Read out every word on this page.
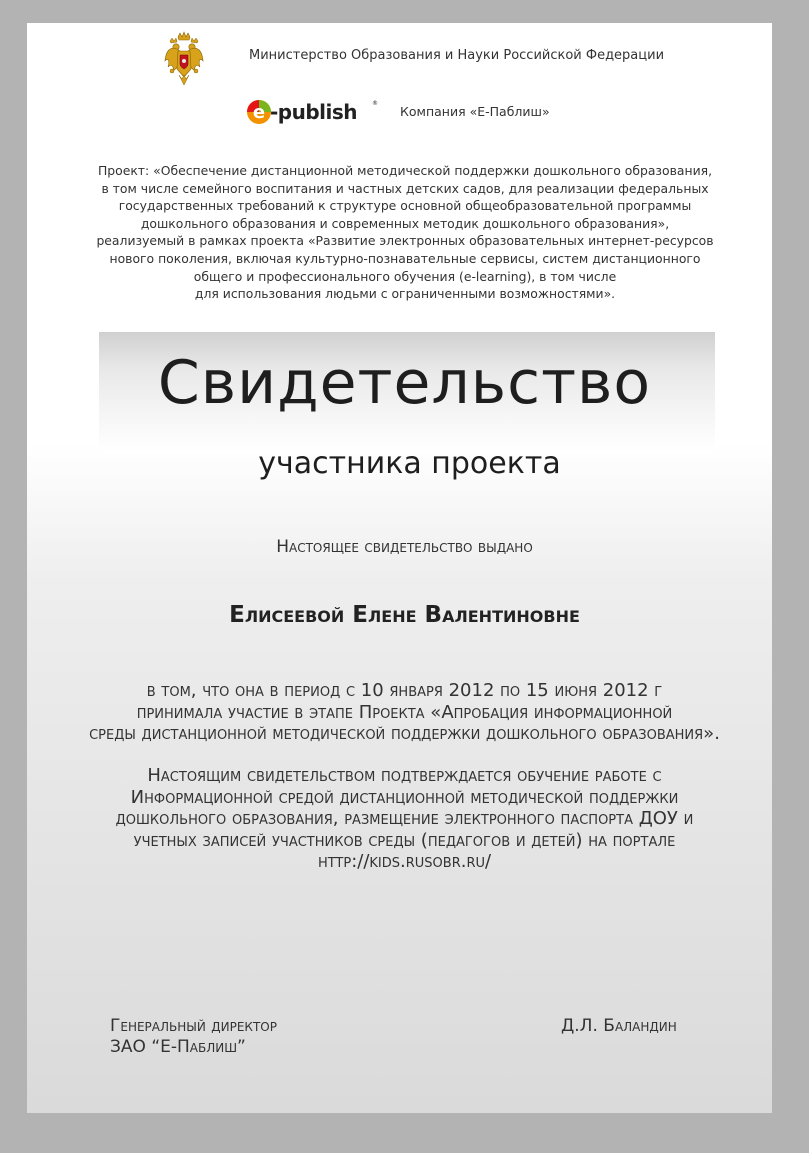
Министерство Образования и Науки Российской Федерации
e -publish ®
Компания «Е-Паблиш»
Проект: «Обеспечение дистанционной методической поддержки дошкольного образования,
в том числе семейного воспитания и частных детских садов, для реализации федеральных
государственных требований к структуре основной общеобразовательной программы
дошкольного образования и современных методик дошкольного образования»,
реализуемый в рамках проекта «Развитие электронных образовательных интернет-ресурсов
нового поколения, включая культурно-познавательные сервисы, систем дистанционного
общего и профессионального обучения (e-learning), в том числе
для использования людьми с ограниченными возможностями».
Свидетельство
участника проекта
Настоящее свидетельство выдано
Елисеевой Елене Валентиновне
в том, что она в период с 10 января 2012 по 15 июня 2012 г
принимала участие в этапе Проекта «Апробация информационной
среды дистанционной методической поддержки дошкольного образования».
Настоящим свидетельством подтверждается обучение работе с
Информационной средой дистанционной методической поддержки
дошкольного образования, размещение электронного паспорта ДОУ и
учетных записей участников среды (педагогов и детей) на портале
http://kids.rusobr.ru/
Генеральный директор
ЗАО “Е-Паблиш”
Д.Л. Баландин
